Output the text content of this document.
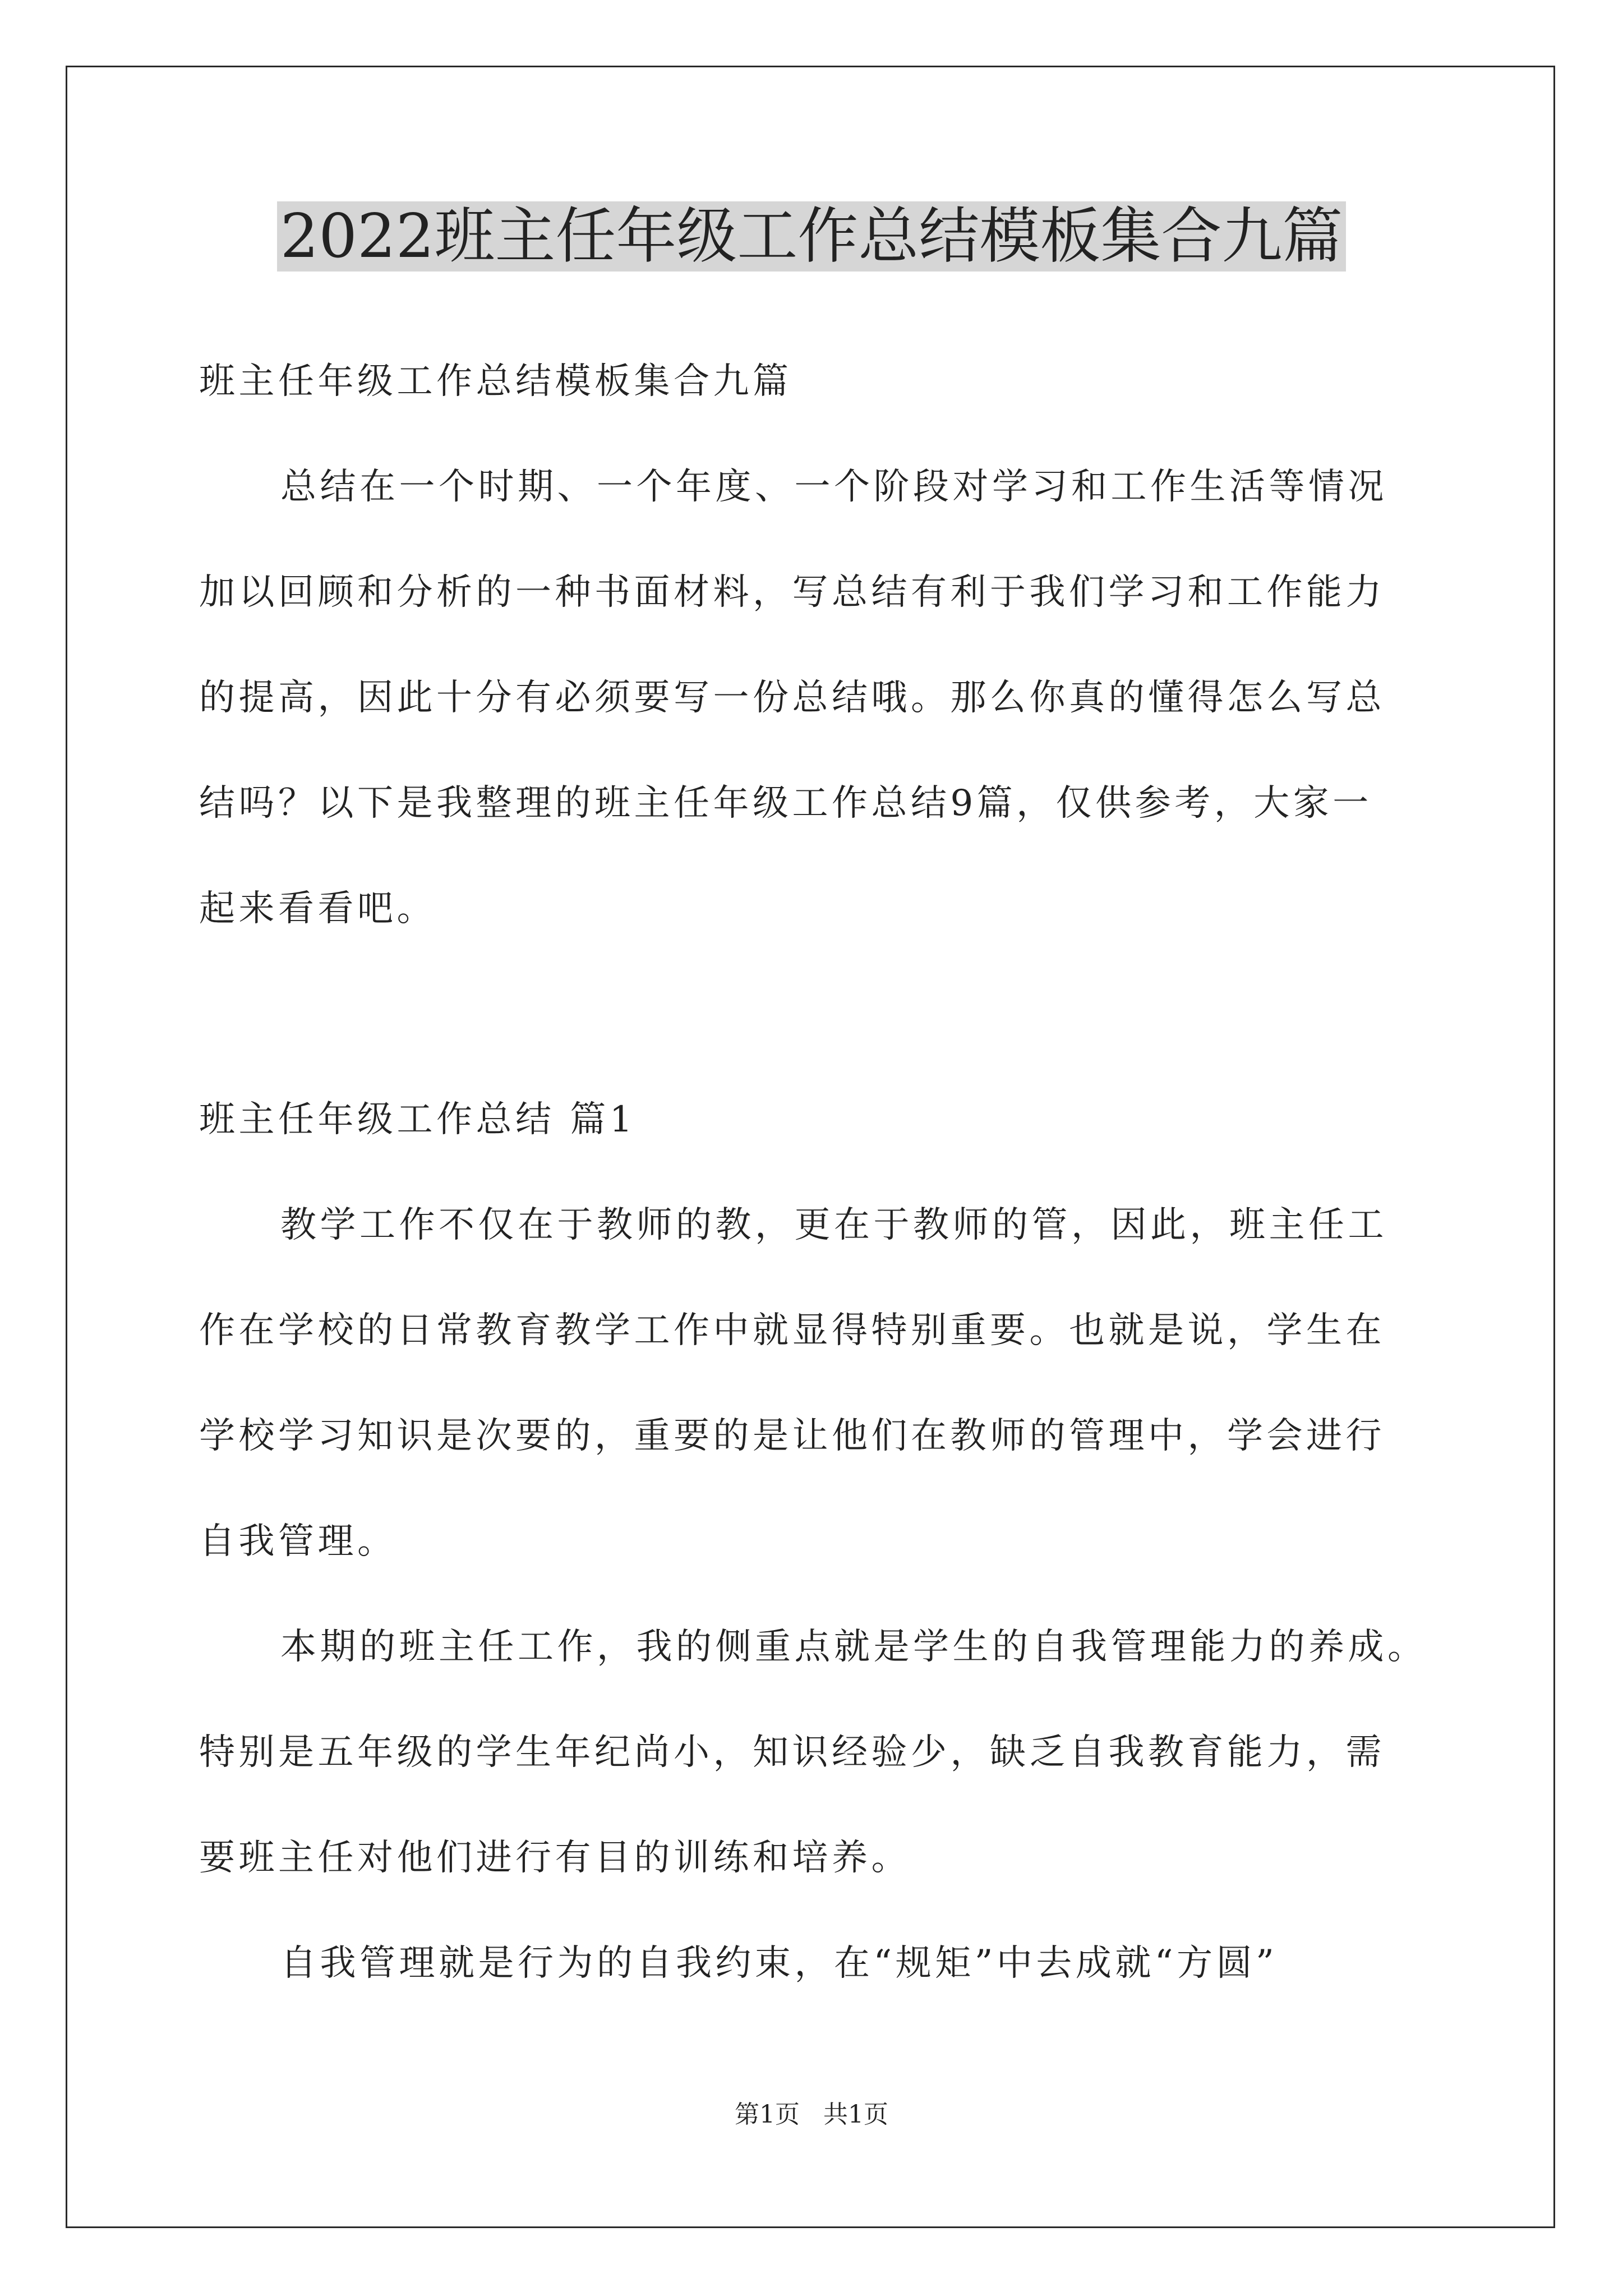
2022班主任年级工作总结模板集合九篇
班主任年级工作总结模板集合九篇
总结在一个时期、一个年度、一个阶段对学习和工作生活等情况
加以回顾和分析的一种书面材料，写总结有利于我们学习和工作能力
的提高，因此十分有必须要写一份总结哦。那么你真的懂得怎么写总
结吗？以下是我整理的班主任年级工作总结9篇，仅供参考，大家一
起来看看吧。
班主任年级工作总结 篇1
教学工作不仅在于教师的教，更在于教师的管，因此，班主任工
作在学校的日常教育教学工作中就显得特别重要。也就是说，学生在
学校学习知识是次要的，重要的是让他们在教师的管理中，学会进行
自我管理。
本期的班主任工作，我的侧重点就是学生的自我管理能力的养成。
特别是五年级的学生年纪尚小，知识经验少，缺乏自我教育能力，需
要班主任对他们进行有目的训练和培养。
自我管理就是行为的自我约束，在“规矩”中去成就“方圆”
第1页   共1页
